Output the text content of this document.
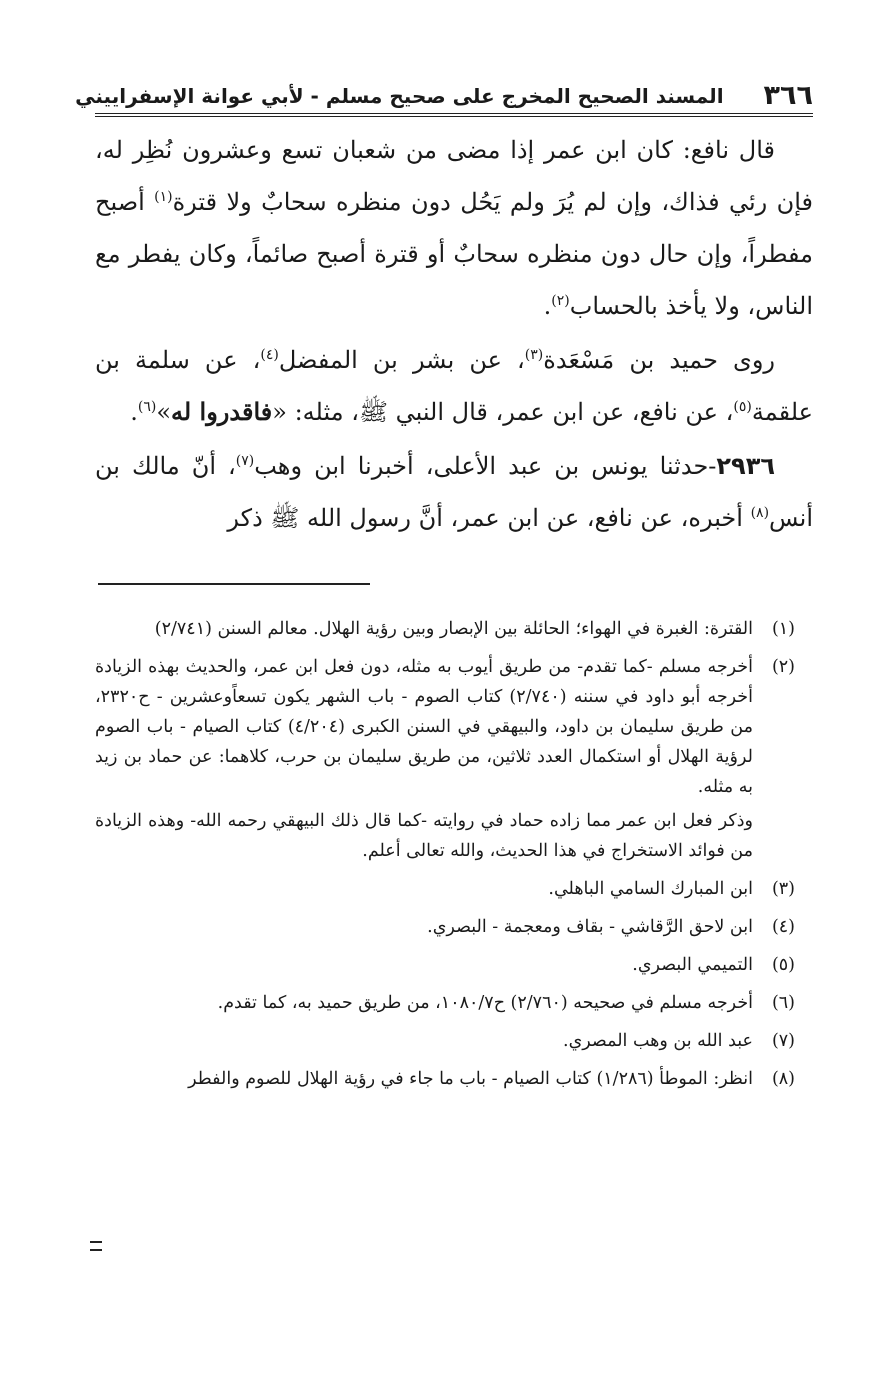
٣٦٦
المسند الصحيح المخرج على صحيح مسلم - لأبي عوانة الإسفراييني

قال نافع: كان ابن عمر إذا مضى من شعبان تسع وعشرون نُظِر له، فإن رئي فذاك، وإن لم يُرَ ولم يَحُل دون منظره سحابٌ ولا قترة$^{(١)}$ أصبح مفطراً، وإن حال دون منظره سحابٌ أو قترة أصبح صائماً، وكان يفطر مع الناس، ولا يأخذ بالحساب$^{(٢)}$.

روى حميد بن مَسْعَدة$^{(٣)}$، عن بشر بن المفضل$^{(٤)}$، عن سلمة بن علقمة$^{(٥)}$، عن نافع، عن ابن عمر، قال النبي ﷺ، مثله: «فاقدروا له»$^{(٦)}$.

٢٩٣٦-حدثنا يونس بن عبد الأعلى، أخبرنا ابن وهب$^{(٧)}$، أنّ مالك بن أنس$^{(٨)}$ أخبره، عن نافع، عن ابن عمر، أنَّ رسول الله ﷺ ذكر

(١)

القترة: الغبرة في الهواء؛ الحائلة بين الإبصار وبين رؤية الهلال. معالم السنن (٢/٧٤١)

(٢)

أخرجه مسلم -كما تقدم- من طريق أيوب به مثله، دون فعل ابن عمر، والحديث بهذه الزيادة أخرجه أبو داود في سننه (٢/٧٤٠) كتاب الصوم - باب الشهر يكون تسعاًوعشرين - ح٢٣٢٠، من طريق سليمان بن داود، والبيهقي في السنن الكبرى (٤/٢٠٤) كتاب الصيام - باب الصوم لرؤية الهلال أو استكمال العدد ثلاثين، من طريق سليمان بن حرب، كلاهما: عن حماد بن زيد به مثله.

وذكر فعل ابن عمر مما زاده حماد في روايته -كما قال ذلك البيهقي رحمه الله- وهذه الزيادة من فوائد الاستخراج في هذا الحديث، والله تعالى أعلم.

(٣)

ابن المبارك السامي الباهلي.

(٤)

ابن لاحق الرَّقاشي - بقاف ومعجمة - البصري.

(٥)

التميمي البصري.

(٦)

أخرجه مسلم في صحيحه (٢/٧٦٠) ح١٠٨٠/٧، من طريق حميد به، كما تقدم.

(٧)

عبد الله بن وهب المصري.

(٨)

انظر: الموطأ (١/٢٨٦) كتاب الصيام - باب ما جاء في رؤية الهلال للصوم والفطر
